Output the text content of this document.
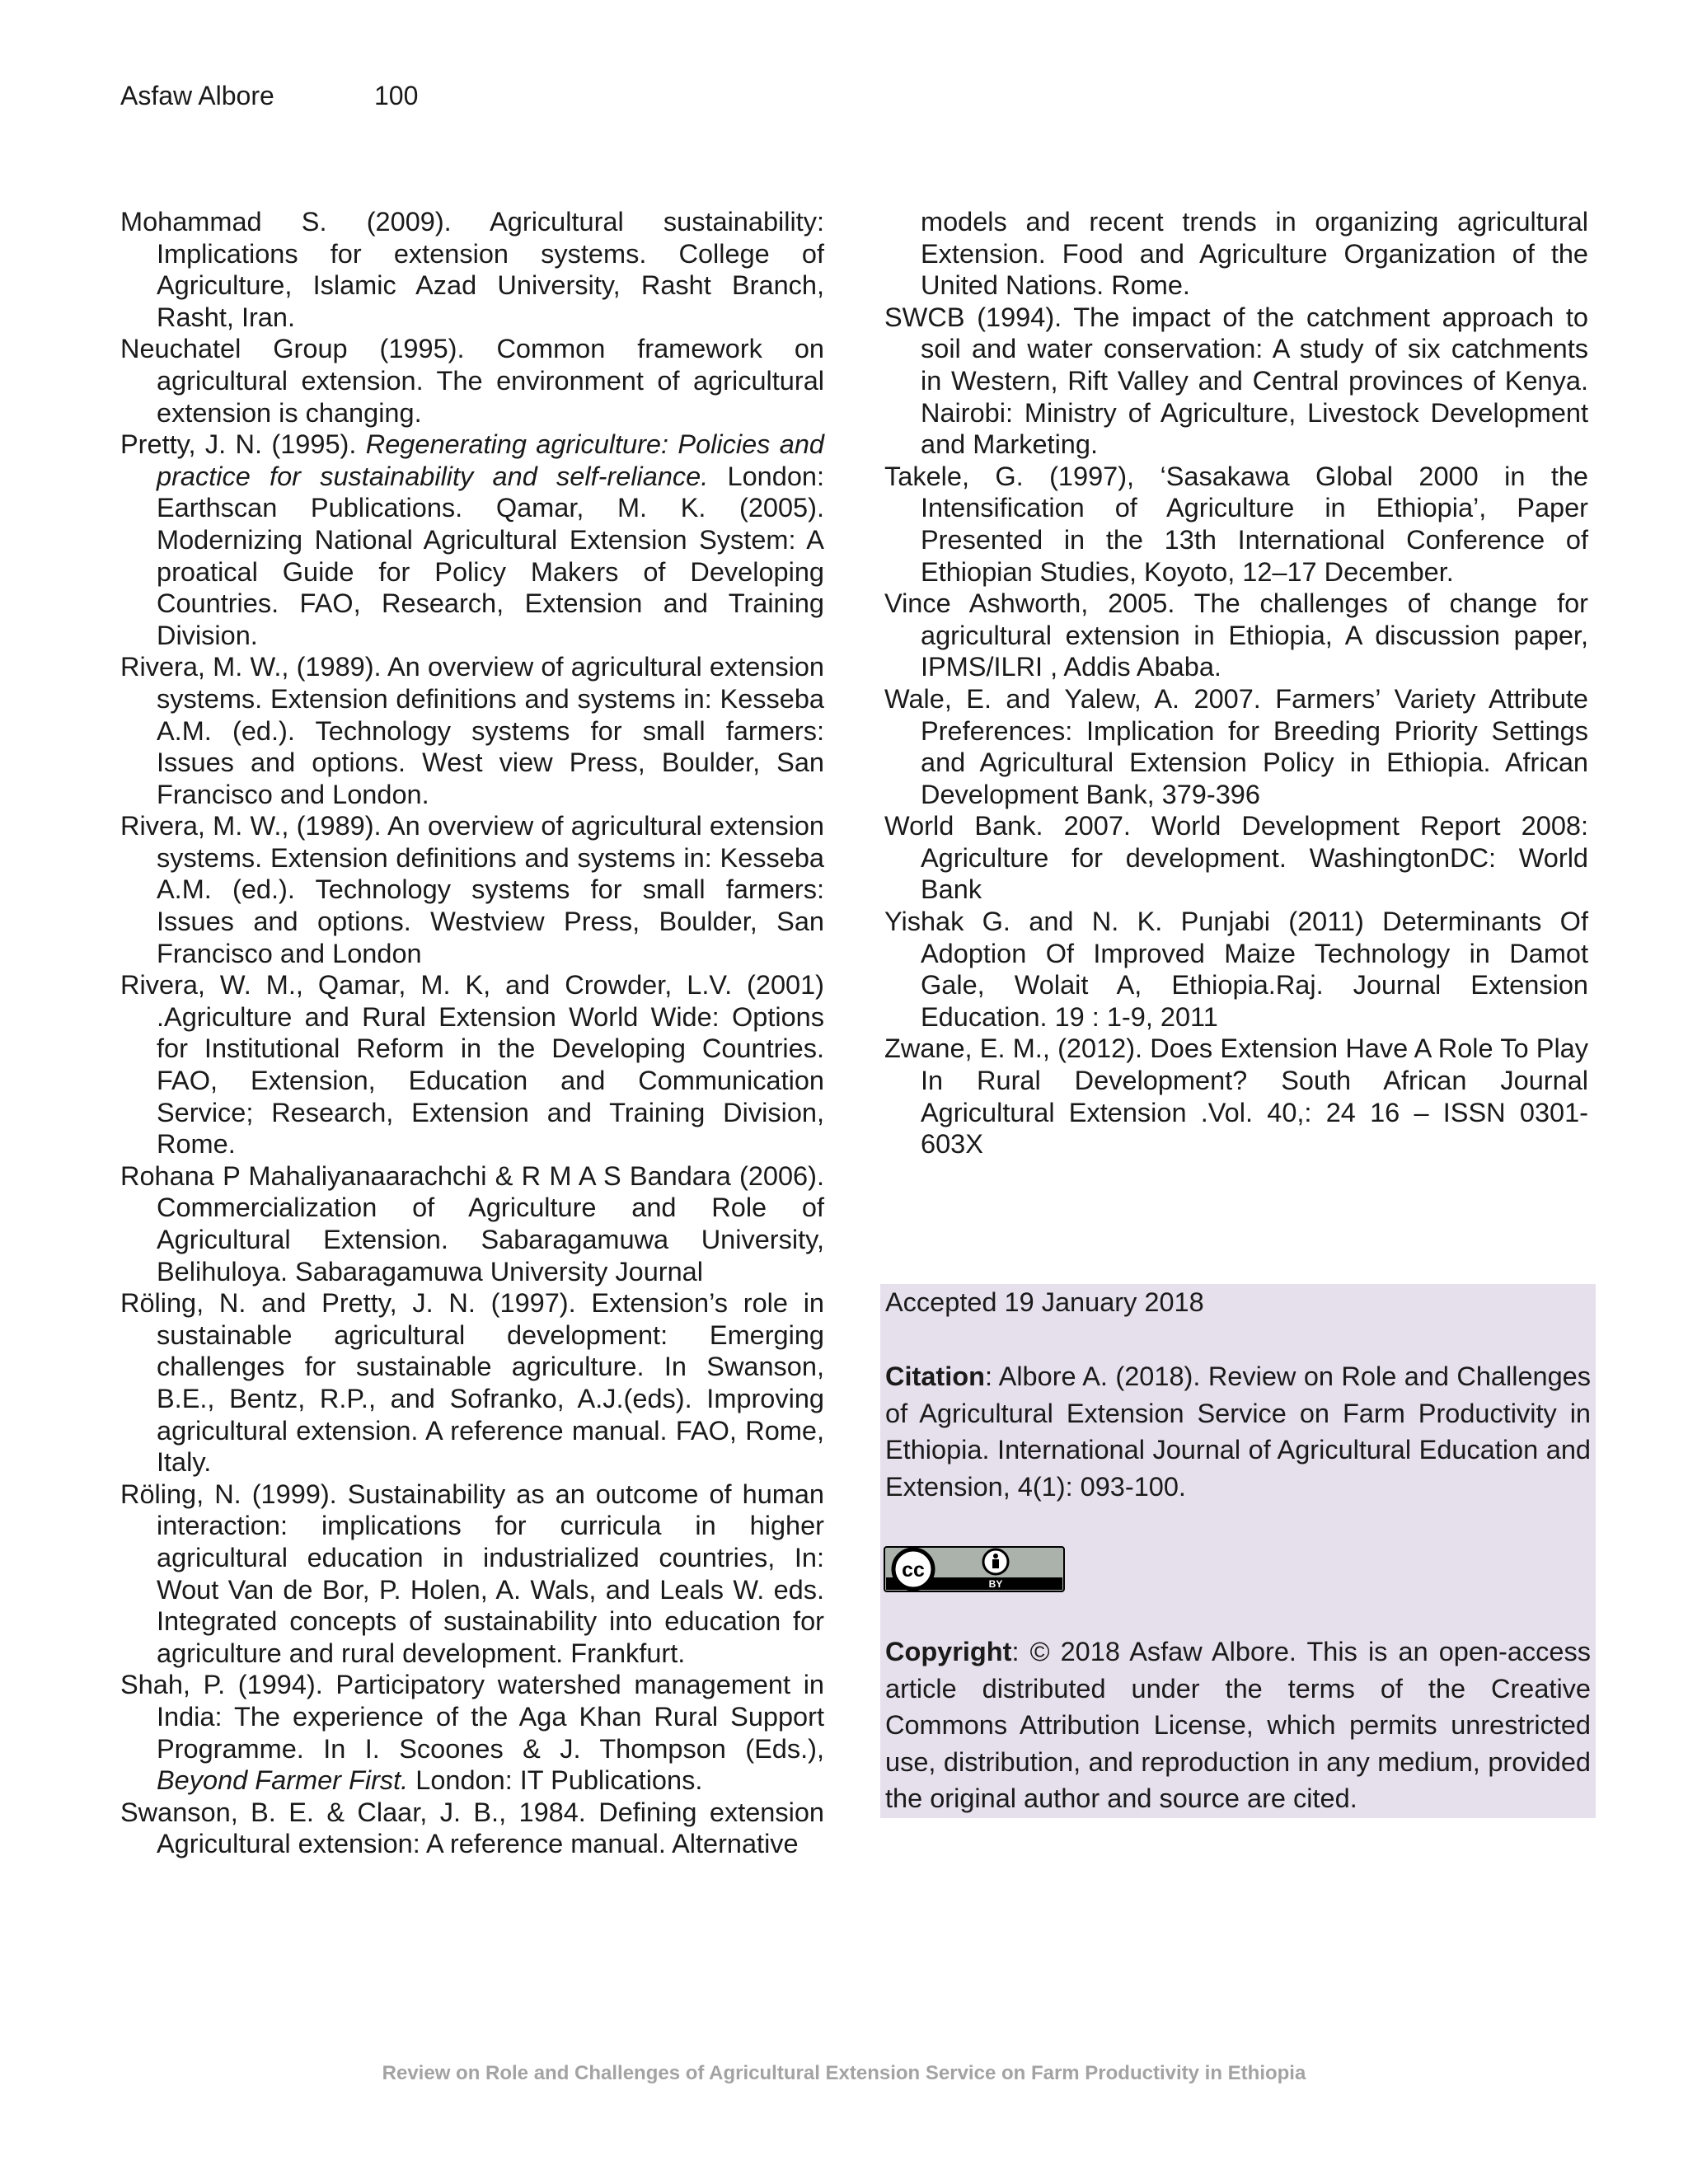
Asfaw Albore	100

Mohammad S. (2009). Agricultural sustainability: Implications for extension systems. College of Agriculture, Islamic Azad University, Rasht Branch, Rasht, Iran.

Neuchatel Group (1995). Common framework on agricultural extension. The environment of agricultural extension is changing.

Pretty, J. N. (1995). Regenerating agriculture: Policies and practice for sustainability and self-reliance. London: Earthscan Publications. Qamar, M. K. (2005). Modernizing National Agricultural Extension System: A proatical Guide for Policy Makers of Developing Countries. FAO, Research, Extension and Training Division.

Rivera, M. W., (1989). An overview of agricultural extension systems. Extension definitions and systems in: Kesseba A.M. (ed.). Technology systems for small farmers: Issues and options. West view Press, Boulder, San Francisco and London.

Rivera, M. W., (1989). An overview of agricultural extension systems. Extension definitions and systems in: Kesseba A.M. (ed.). Technology systems for small farmers: Issues and options. Westview Press, Boulder, San Francisco and London

Rivera, W. M., Qamar, M. K, and Crowder, L.V. (2001) .Agriculture and Rural Extension World Wide: Options for Institutional Reform in the Developing Countries. FAO, Extension, Education and Communication Service; Research, Extension and Training Division, Rome.

Rohana P Mahaliyanaarachchi & R M A S Bandara (2006). Commercialization of Agriculture and Role of Agricultural Extension. Sabaragamuwa University, Belihuloya. Sabaragamuwa University Journal

Röling, N. and Pretty, J. N. (1997). Extension’s role in sustainable agricultural development: Emerging challenges for sustainable agriculture. In Swanson, B.E., Bentz, R.P., and Sofranko, A.J.(eds). Improving agricultural extension. A reference manual. FAO, Rome, Italy.

Röling, N. (1999). Sustainability as an outcome of human interaction: implications for curricula in higher agricultural education in industrialized countries, In: Wout Van de Bor, P. Holen, A. Wals, and Leals W. eds. Integrated concepts of sustainability into education for agriculture and rural development. Frankfurt.

Shah, P. (1994). Participatory watershed management in India: The experience of the Aga Khan Rural Support Programme. In I. Scoones & J. Thompson (Eds.), Beyond Farmer First. London: IT Publications.

Swanson, B. E. & Claar, J. B., 1984. Defining extension Agricultural extension: A reference manual. Alternative

models and recent trends in organizing agricultural Extension. Food and Agriculture Organization of the United Nations. Rome.

SWCB (1994). The impact of the catchment approach to soil and water conservation: A study of six catchments in Western, Rift Valley and Central provinces of Kenya. Nairobi: Ministry of Agriculture, Livestock Development and Marketing.

Takele, G. (1997), ‘Sasakawa Global 2000 in the Intensification of Agriculture in Ethiopia’, Paper Presented in the 13th International Conference of Ethiopian Studies, Koyoto, 12–17 December.

Vince Ashworth, 2005. The challenges of change for agricultural extension in Ethiopia, A discussion paper, IPMS/ILRI , Addis Ababa.

Wale, E. and Yalew, A. 2007. Farmers’ Variety Attribute Preferences: Implication for Breeding Priority Settings and Agricultural Extension Policy in Ethiopia. African Development Bank, 379-396

World Bank. 2007. World Development Report 2008: Agriculture for development. WashingtonDC: World Bank

Yishak G. and N. K. Punjabi (2011) Determinants Of Adoption Of Improved Maize Technology in Damot Gale, Wolait A, Ethiopia.Raj. Journal Extension Education. 19 : 1-9, 2011

Zwane, E. M., (2012). Does Extension Have A Role To Play In Rural Development? South African Journal Agricultural Extension .Vol. 40,: 24 16 – ISSN 0301-603X

Accepted 19 January 2018
Citation: Albore A. (2018). Review on Role and Challenges of Agricultural Extension Service on Farm Productivity in Ethiopia. International Journal of Agricultural Education and Extension, 4(1): 093-100.
cc
BY
Copyright: © 2018 Asfaw Albore. This is an open-access article distributed under the terms of the Creative Commons Attribution License, which permits unrestricted use, distribution, and reproduction in any medium, provided the original author and source are cited.
Review on Role and Challenges of Agricultural Extension Service on Farm Productivity in Ethiopia
